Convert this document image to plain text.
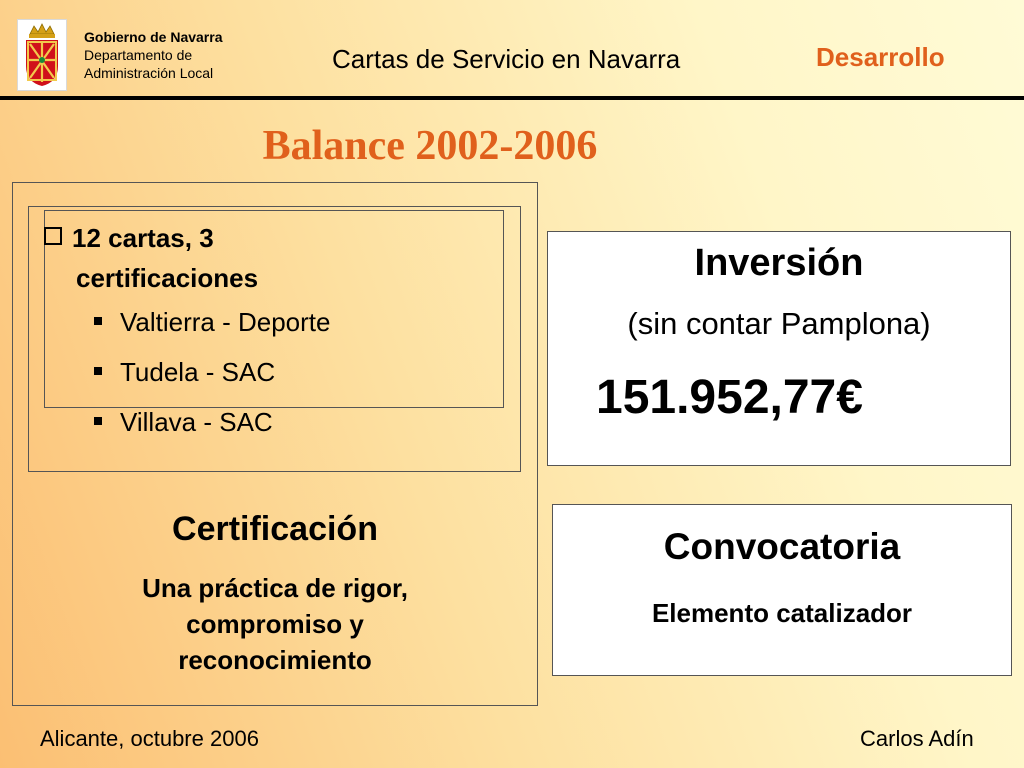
Gobierno de Navarra
Departamento de
Administración Local	Cartas de Servicio en Navarra	Desarrollo
Balance 2002-2006
12 cartas, 3
certificaciones
Valtierra - Deporte
Tudela - SAC
Villava - SAC
Certificación
Una práctica de rigor,
compromiso y
reconocimiento
Inversión
(sin contar Pamplona)
151.952,77€
Convocatoria
Elemento catalizador
Alicante, octubre 2006	Carlos Adín
